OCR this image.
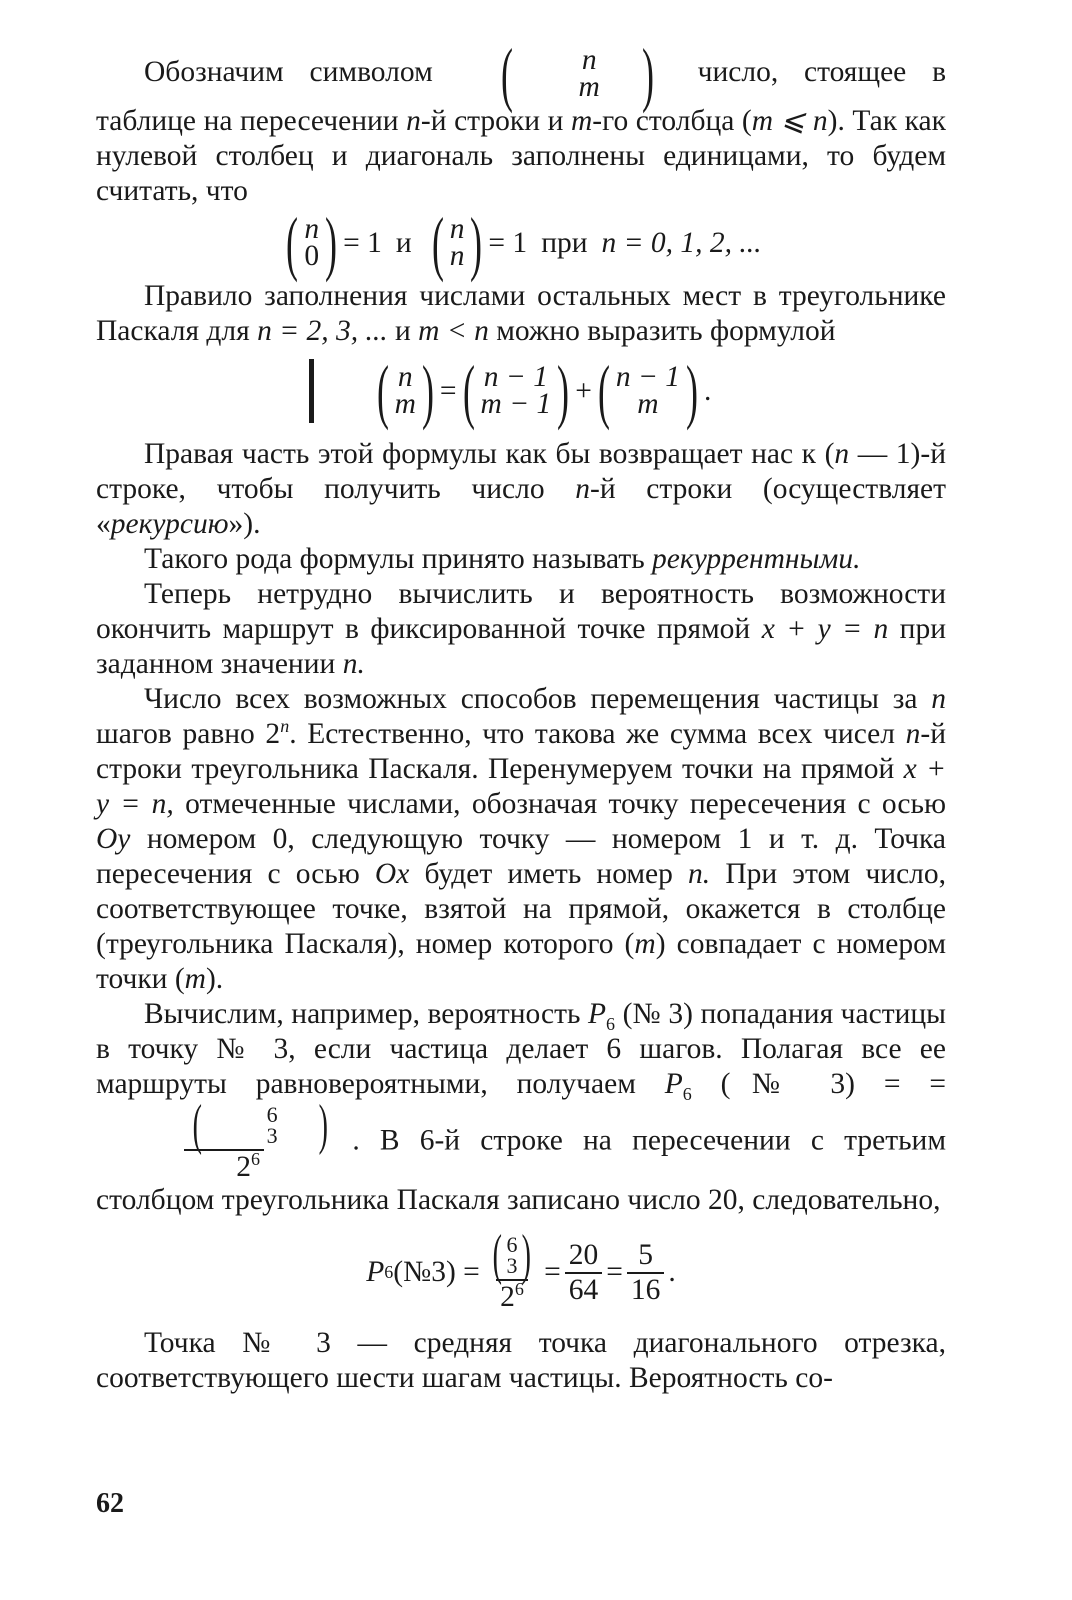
Обозначим символом (	n
m ) число, стоящее в таблице на пересечении n-й строки и m-го столбца (m ⩽ n). Так как нулевой столбец и диагональ заполнены единицами, то будем считать, что

( n
0 ) = 1 и ( n
n ) = 1 при n = 0, 1, 2, ...

Правило заполнения числами остальных мест в треугольнике Паскаля для n = 2, 3, ... и m < n можно выразить формулой

( n
m ) = ( n − 1
m − 1 ) + ( n − 1
m ) .

Правая часть этой формулы как бы возвращает нас к (n — 1)-й строке, чтобы получить число n-й строки (осуществляет «рекурсию»).

Такого рода формулы принято называть рекуррентными.

Теперь нетрудно вычислить и вероятность возможности окончить маршрут в фиксированной точке прямой x + y = n при заданном значении n.

Число всех возможных способов перемещения частицы за n шагов равно 2$^n$. Естественно, что такова же сумма всех чисел n-й строки треугольника Паскаля. Перенумеруем точки на прямой x + y = n, отмеченные числами, обозначая точку пересечения с осью Oy номером 0, следующую точку — номером 1 и т. д. Точка пересечения с осью Ox будет иметь номер n. При этом число, соответствующее точке, взятой на прямой, окажется в столбце (треугольника Паскаля), номер которого (m) совпадает с номером точки (m).

Вычислим, например, вероятность $P_6$ (№ 3) попадания частицы в точку № 3, если частица делает 6 шагов. Полагая все ее маршруты равновероятными, получаем $P_6$ (№ 3) = =
(	6
3 )
$2^6$ . В 6-й строке на пересечении с третьим столбцом треугольника Паскаля записано число 20, следовательно,

P 6 (№3) = ( 6
3 )
$2^6 = \frac{20}{64} = \frac{5}{16}$ .

Точка № 3 — средняя точка диагонального отрезка, соответствующего шести шагам частицы. Вероятность со-

62
